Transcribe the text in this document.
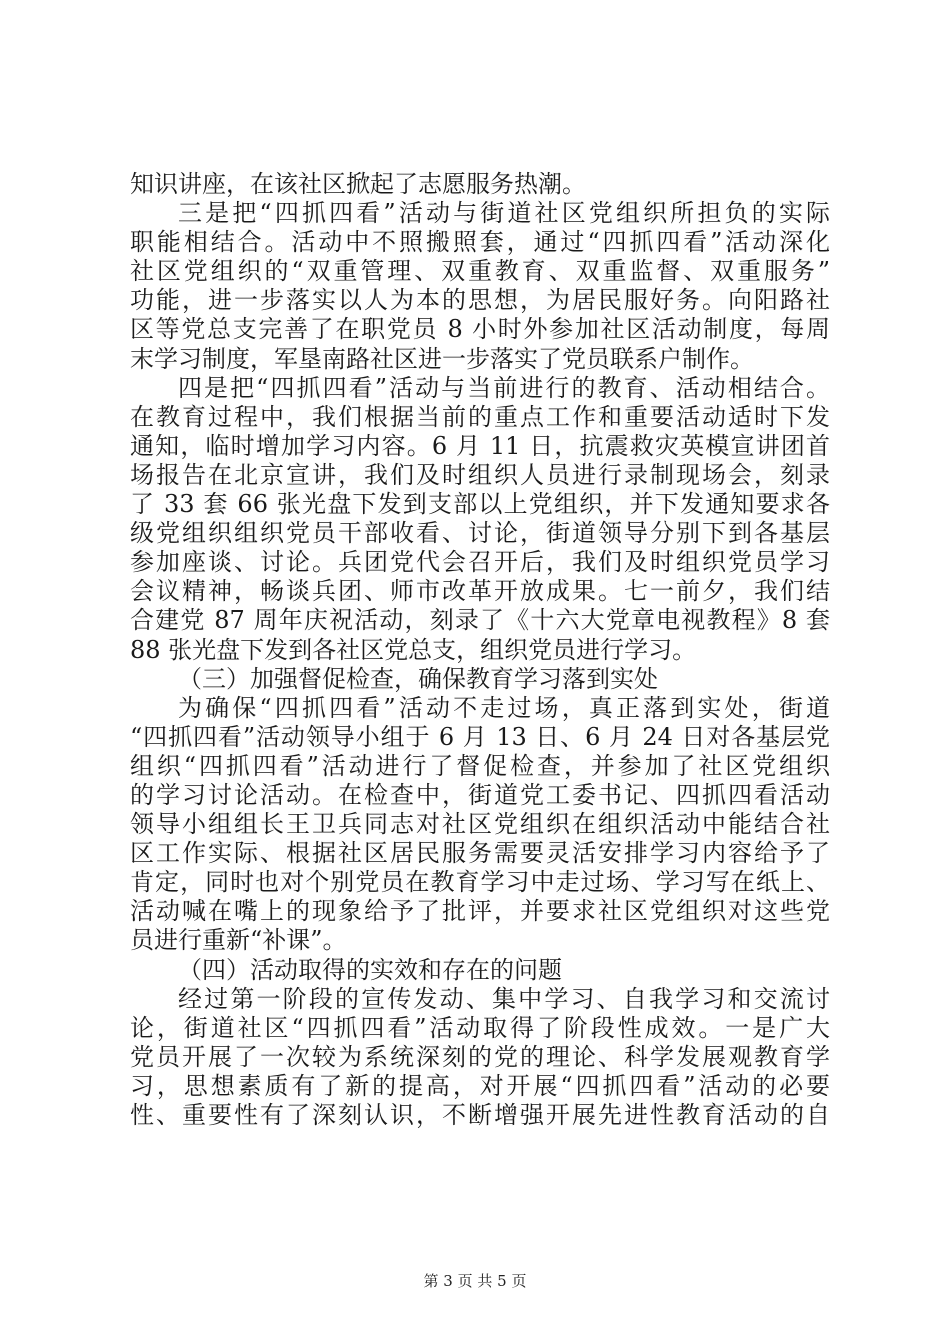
知识讲座，在该社区掀起了志愿服务热潮。
三是把“四抓四看”活动与街道社区党组织所担负的实际
职能相结合。活动中不照搬照套，通过“四抓四看”活动深化
社区党组织的“双重管理、双重教育、双重监督、双重服务”
功能，进一步落实以人为本的思想，为居民服好务。向阳路社
区等党总支完善了在职党员 8 小时外参加社区活动制度，每周
末学习制度，军垦南路社区进一步落实了党员联系户制作。
四是把“四抓四看”活动与当前进行的教育、活动相结合。
在教育过程中，我们根据当前的重点工作和重要活动适时下发
通知，临时增加学习内容。6 月 11 日，抗震救灾英模宣讲团首
场报告在北京宣讲，我们及时组织人员进行录制现场会，刻录
了 33 套 66 张光盘下发到支部以上党组织，并下发通知要求各
级党组织组织党员干部收看、讨论，街道领导分别下到各基层
参加座谈、讨论。兵团党代会召开后，我们及时组织党员学习
会议精神，畅谈兵团、师市改革开放成果。七一前夕，我们结
合建党 87 周年庆祝活动，刻录了《十六大党章电视教程》8 套
88 张光盘下发到各社区党总支，组织党员进行学习。
（三）加强督促检查，确保教育学习落到实处
为确保“四抓四看”活动不走过场，真正落到实处，街道
“四抓四看”活动领导小组于 6 月 13 日、6 月 24 日对各基层党
组织“四抓四看”活动进行了督促检查，并参加了社区党组织
的学习讨论活动。在检查中，街道党工委书记、四抓四看活动
领导小组组长王卫兵同志对社区党组织在组织活动中能结合社
区工作实际、根据社区居民服务需要灵活安排学习内容给予了
肯定，同时也对个别党员在教育学习中走过场、学习写在纸上、
活动喊在嘴上的现象给予了批评，并要求社区党组织对这些党
员进行重新“补课”。
（四）活动取得的实效和存在的问题
经过第一阶段的宣传发动、集中学习、自我学习和交流讨
论，街道社区“四抓四看”活动取得了阶段性成效。一是广大
党员开展了一次较为系统深刻的党的理论、科学发展观教育学
习，思想素质有了新的提高，对开展“四抓四看”活动的必要
性、重要性有了深刻认识，不断增强开展先进性教育活动的自
第 3 页 共 5 页
